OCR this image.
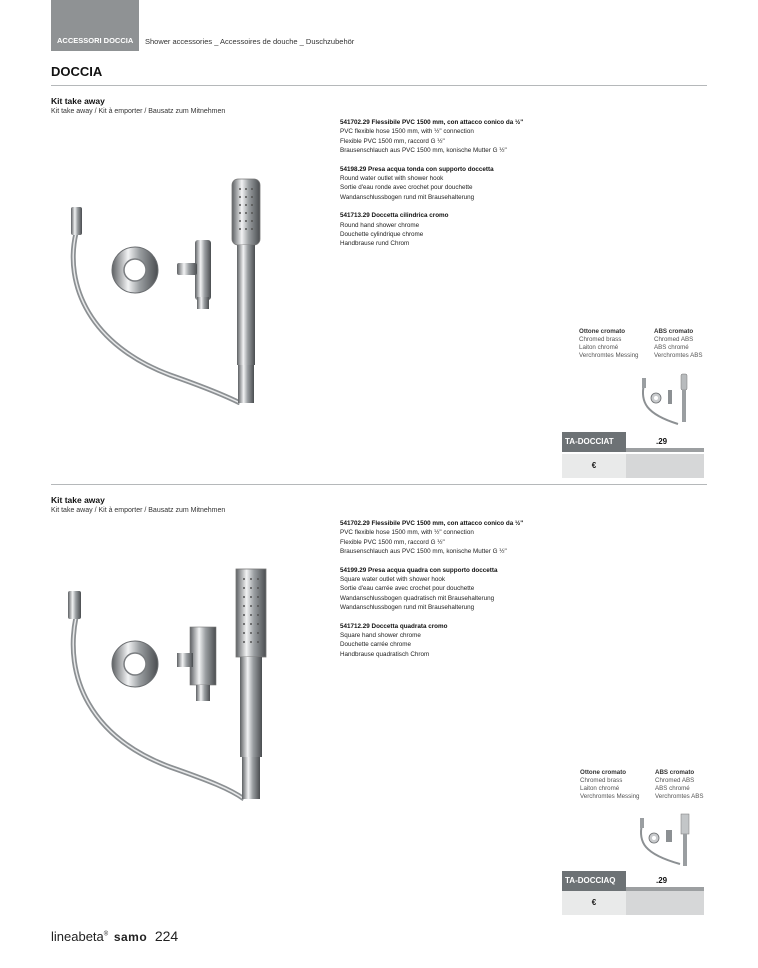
ACCESSORI DOCCIA Shower accessories _ Accessoires de douche _ Duschzubehör
DOCCIA
Kit take away
Kit take away / Kit à emporter / Bausatz zum Mitnehmen
541702.29 Flessibile PVC 1500 mm, con attacco conico da ½"
PVC flexible hose 1500 mm, with ½" connection
Flexible PVC 1500 mm, raccord G ½"
Brausenschlauch aus PVC 1500 mm, konische Mutter G ½"
54198.29 Presa acqua tonda con supporto doccetta
Round water outlet with shower hook
Sortie d'eau ronde avec crochet pour douchette
Wandanschlussbogen rund mit Brausehalterung
541713.29 Doccetta cilindrica cromo
Round hand shower chrome
Douchette cylindrique chrome
Handbrause rund Chrom
Ottone cromato
Chromed brass
Laiton chromé
Verchromtes Messing
ABS cromato
Chromed ABS
ABS chromé
Verchromtes ABS
TA-DOCCIAT	.29
€
Kit take away
Kit take away / Kit à emporter / Bausatz zum Mitnehmen
541702.29 Flessibile PVC 1500 mm, con attacco conico da ½"
PVC flexible hose 1500 mm, with ½" connection
Flexible PVC 1500 mm, raccord G ½"
Brausenschlauch aus PVC 1500 mm, konische Mutter G ½"
54199.29 Presa acqua quadra con supporto doccetta
Square water outlet with shower hook
Sortie d'eau carrée avec crochet pour douchette
Wandanschlussbogen quadratisch mit Brausehalterung
Wandanschlussbogen rund mit Brausehalterung
541712.29 Doccetta quadrata cromo
Square hand shower chrome
Douchette carrée chrome
Handbrause quadratisch Chrom
Ottone cromato
Chromed brass
Laiton chromé
Verchromtes Messing
ABS cromato
Chromed ABS
ABS chromé
Verchromtes ABS
TA-DOCCIAQ	.29
€
lineabeta® samo 224
